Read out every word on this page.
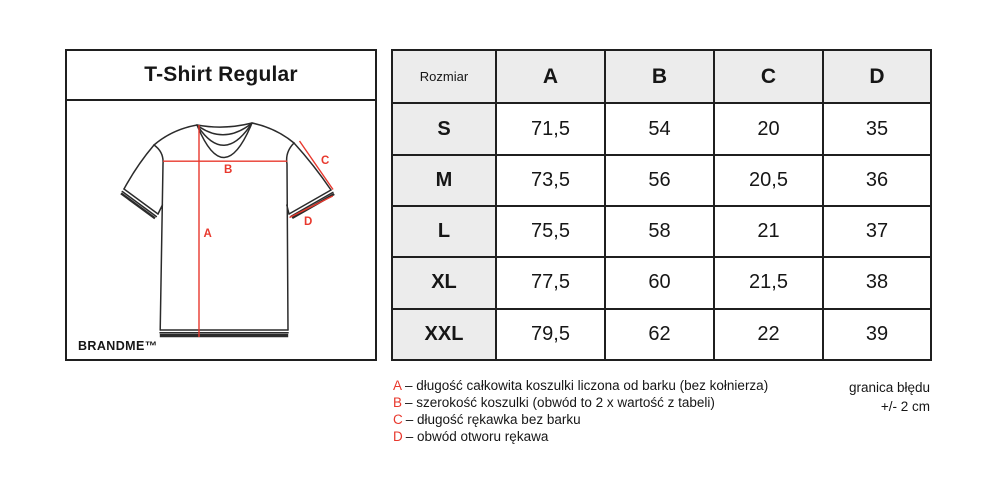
T-Shirt Regular
A
B
C
D
BRANDME™
Rozmiar	A	B	C	D
S	71,5	54	20	35
M	73,5	56	20,5	36
L	75,5	58	21	37
XL	77,5	60	21,5	38
XXL	79,5	62	22	39
A – długość całkowita koszulki liczona od barku (bez kołnierza)
B – szerokość koszulki (obwód to 2 x wartość z tabeli)
C – długość rękawka bez barku
D – obwód otworu rękawa
granica błędu
+/- 2 cm
